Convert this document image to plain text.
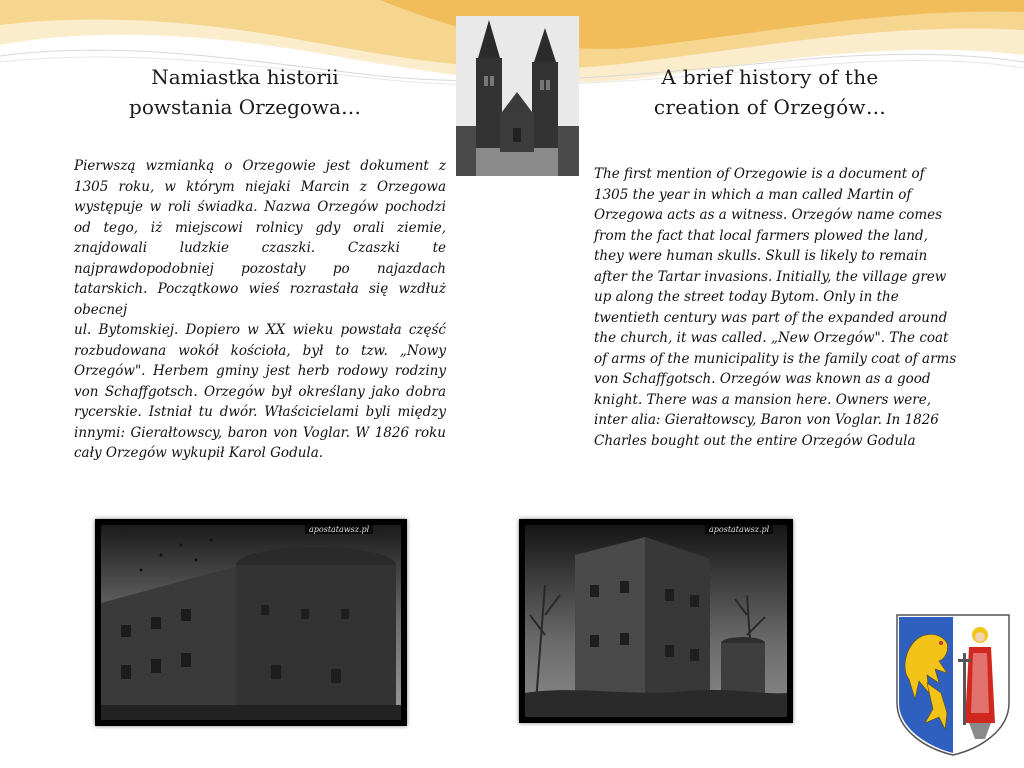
Namiastka historii
powstania Orzegowa…
A brief history of the
creation of Orzegów…

Pierwszą wzmianką o Orzegowie jest dokument z 1305 roku, w którym niejaki Marcin z Orzegowa występuje w roli świadka. Nazwa Orzegów pochodzi od tego, iż miejscowi rolnicy gdy orali ziemie, znajdowali ludzkie czaszki. Czaszki te najprawdopodobniej pozostały po najazdach tatarskich. Początkowo wieś rozrastała się wzdłuż obecnej

ul. Bytomskiej. Dopiero w XX wieku powstała część rozbudowana wokół kościoła, był to tzw. „Nowy Orzegów". Herbem gminy jest herb rodowy rodziny von Schaffgotsch. Orzegów był określany jako dobra rycerskie. Istniał tu dwór. Właścicielami byli między innymi: Gierałtowscy, baron von Voglar. W 1826 roku cały Orzegów wykupił Karol Godula.

The first mention of Orzegowie is a document of 1305 the year in which a man called Martin of Orzegowa acts as a witness. Orzegów name comes from the fact that local farmers plowed the land, they were human skulls. Skull is likely to remain after the Tartar invasions. Initially, the village grew up along the street today Bytom. Only in the twentieth century was part of the expanded around the church, it was called. „New Orzegów". The coat of arms of the municipality is the family coat of arms von Schaffgotsch. Orzegów was known as a good knight. There was a mansion here. Owners were, inter alia: Gierałtowscy, Baron von Voglar. In 1826 Charles bought out the entire Orzegów Godula
apostatawsz.pl	apostatawsz.pl
